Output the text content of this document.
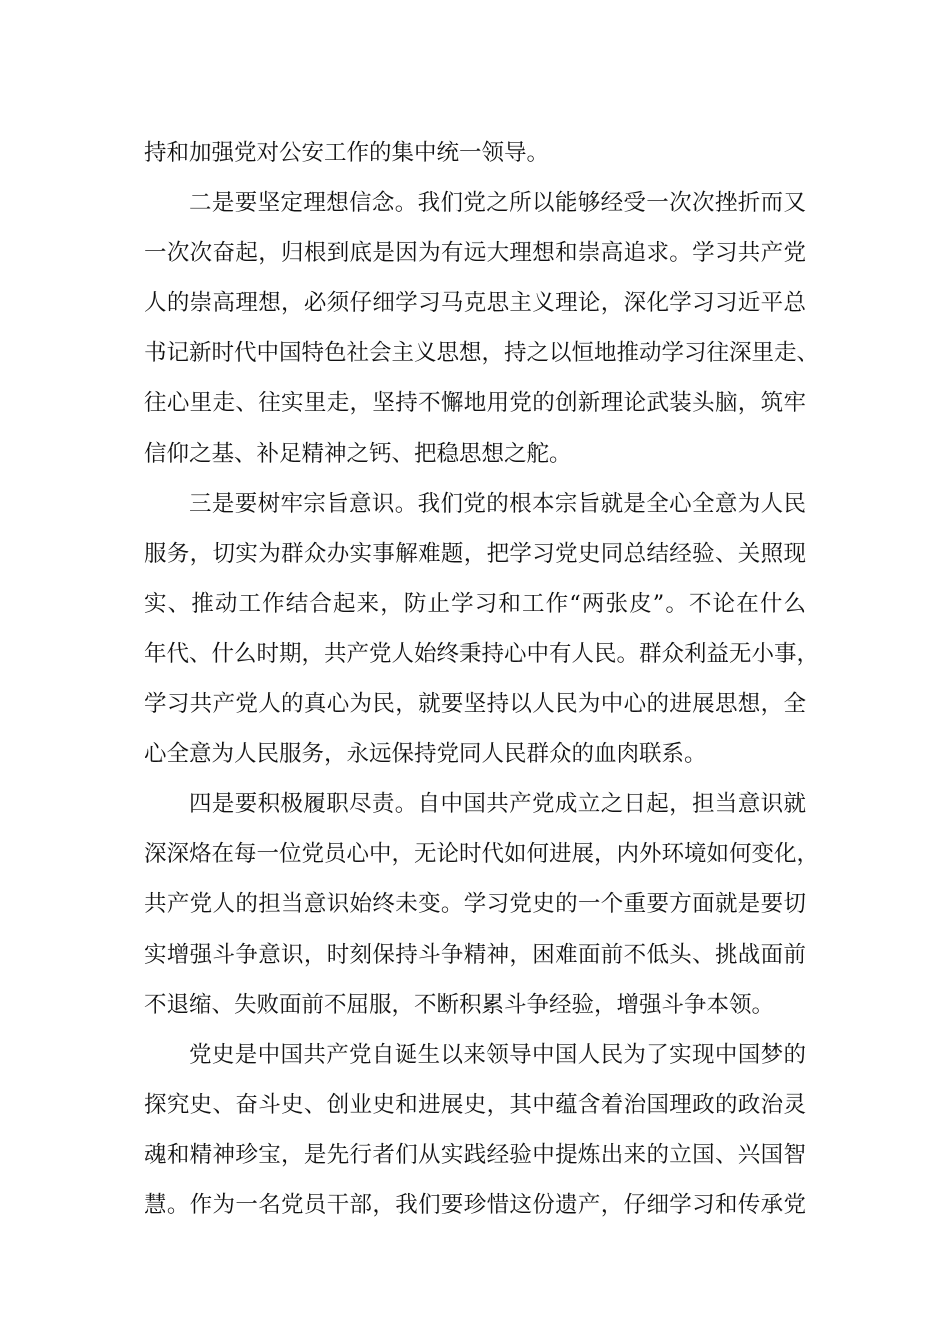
持和加强党对公安工作的集中统一领导。
二是要坚定理想信念。我们党之所以能够经受一次次挫折而又
一次次奋起，归根到底是因为有远大理想和崇高追求。学习共产党
人的崇高理想，必须仔细学习马克思主义理论，深化学习习近平总
书记新时代中国特色社会主义思想，持之以恒地推动学习往深里走、
往心里走、往实里走，坚持不懈地用党的创新理论武装头脑，筑牢
信仰之基、补足精神之钙、把稳思想之舵。
三是要树牢宗旨意识。我们党的根本宗旨就是全心全意为人民
服务，切实为群众办实事解难题，把学习党史同总结经验、关照现
实、推动工作结合起来，防止学习和工作“两张皮”。不论在什么
年代、什么时期，共产党人始终秉持心中有人民。群众利益无小事，
学习共产党人的真心为民，就要坚持以人民为中心的进展思想，全
心全意为人民服务，永远保持党同人民群众的血肉联系。
四是要积极履职尽责。自中国共产党成立之日起，担当意识就
深深烙在每一位党员心中，无论时代如何进展，内外环境如何变化，
共产党人的担当意识始终未变。学习党史的一个重要方面就是要切
实增强斗争意识，时刻保持斗争精神，困难面前不低头、挑战面前
不退缩、失败面前不屈服，不断积累斗争经验，增强斗争本领。
党史是中国共产党自诞生以来领导中国人民为了实现中国梦的
探究史、奋斗史、创业史和进展史，其中蕴含着治国理政的政治灵
魂和精神珍宝，是先行者们从实践经验中提炼出来的立国、兴国智
慧。作为一名党员干部，我们要珍惜这份遗产，仔细学习和传承党
